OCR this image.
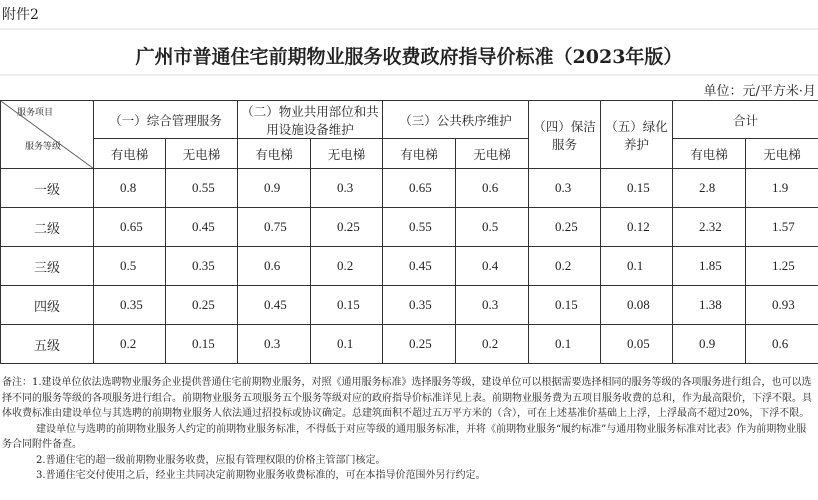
附件2
广州市普通住宅前期物业服务收费政府指导价标准（2023年版）
单位：元/平方米·月
服务项目
服务等级	（一）综合管理服务		（二）物业共用部位和共用设施设备维护		（三）公共秩序维护		（四）保洁服务	（五）绿化养护	合计	
	有电梯	无电梯	有电梯	无电梯	有电梯	无电梯			有电梯	无电梯
一级	0.8	0.55	0.9	0.3	0.65	0.6	0.3	0.15	2.8	1.9
二级	0.65	0.45	0.75	0.25	0.55	0.5	0.25	0.12	2.32	1.57
三级	0.5	0.35	0.6	0.2	0.45	0.4	0.2	0.1	1.85	1.25
四级	0.35	0.25	0.45	0.15	0.35	0.3	0.15	0.08	1.38	0.93
五级	0.2	0.15	0.3	0.1	0.25	0.2	0.1	0.05	0.9	0.6

备注：1.建设单位依法选聘物业服务企业提供普通住宅前期物业服务，对照《通用服务标准》选择服务等级，建设单位可以根据需要选择相同的服务等级的各项服务进行组合，也可以选择不同的服务等级的各项服务进行组合。前期物业服务五项服务五个服务等级对应的政府指导价标准详见上表。前期物业服务费为五项目服务收费的总和，作为最高限价，下浮不限。具体收费标准由建设单位与其选聘的前期物业服务人依法通过招投标或协议确定。总建筑面积不超过五万平方米的（含），可在上述基准价基础上上浮，上浮最高不超过20%，下浮不限。

建设单位与选聘的前期物业服务人约定的前期物业服务标准，不得低于对应等级的通用服务标准，并将《前期物业服务“履约标准”与通用物业服务标准对比表》作为前期物业服务合同附件备查。

2.普通住宅的超一级前期物业服务收费，应报有管理权限的价格主管部门核定。

3.普通住宅交付使用之后，经业主共同决定前期物业服务收费标准的，可在本指导价范围外另行约定。
